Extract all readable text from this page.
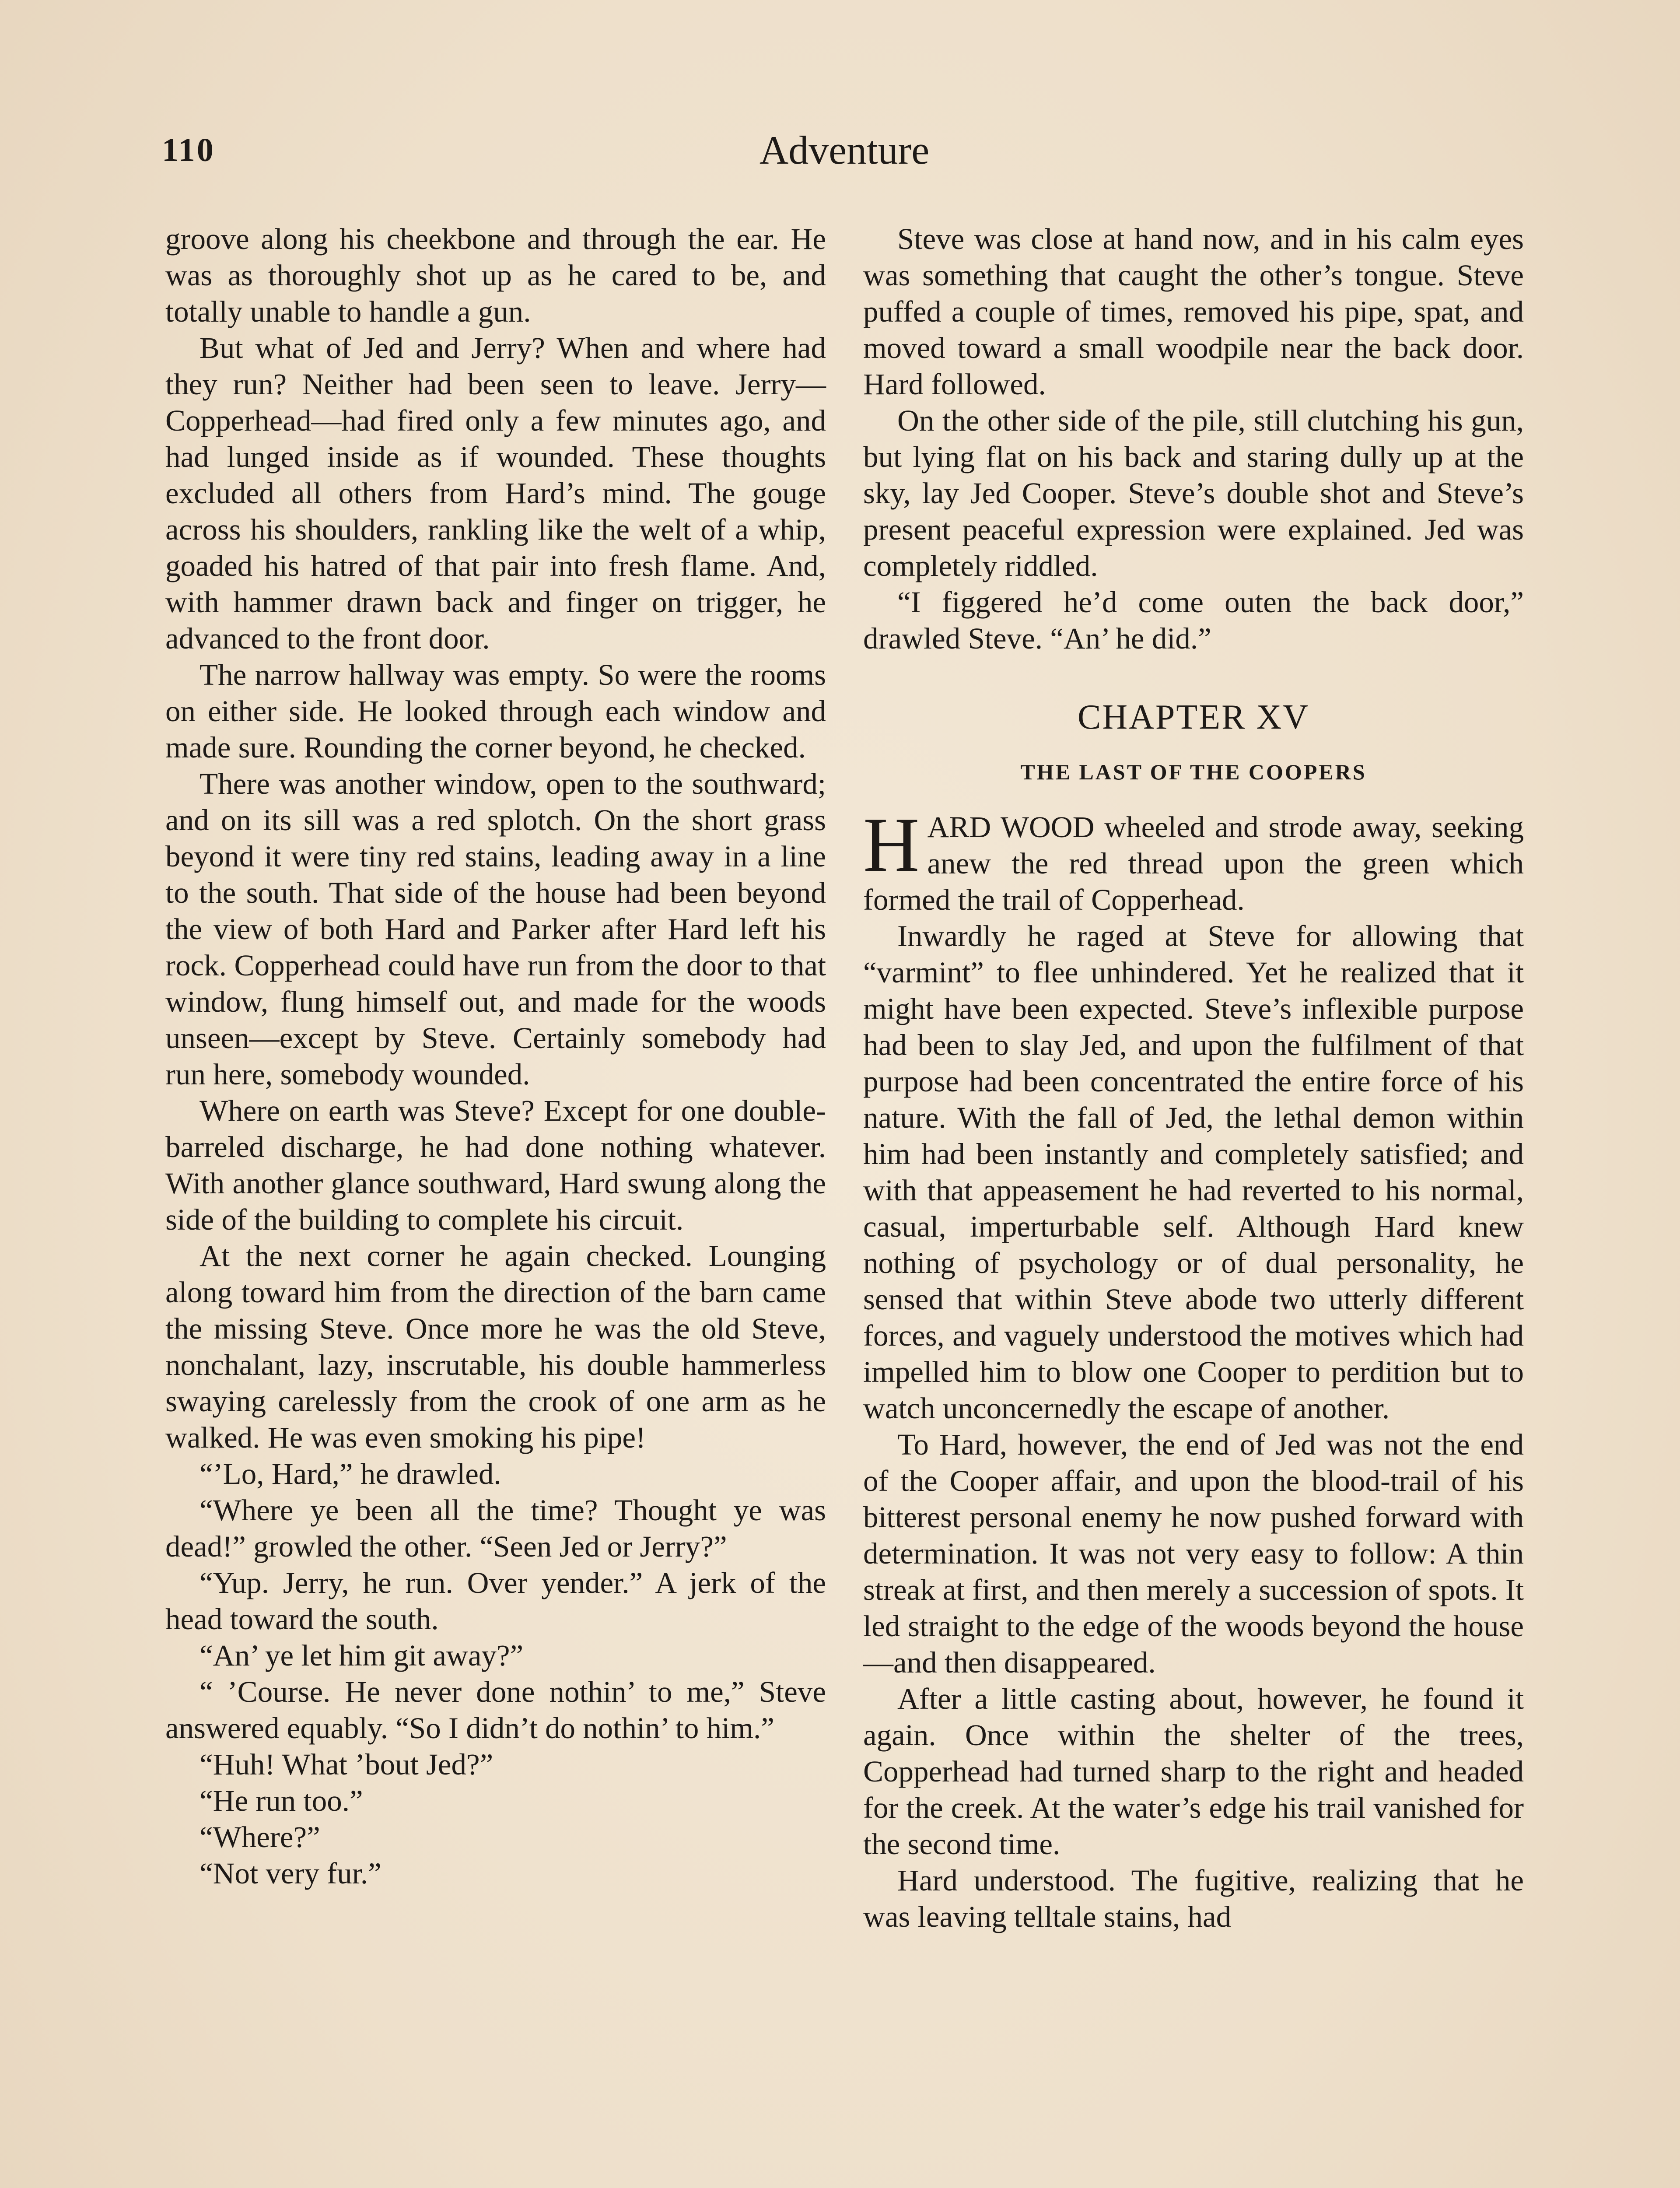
110	Adventure

groove along his cheekbone and through the ear. He was as thoroughly shot up as he cared to be, and totally unable to handle a gun.

But what of Jed and Jerry? When and where had they run? Neither had been seen to leave. Jerry—Copperhead—had fired only a few minutes ago, and had lunged inside as if wounded. These thoughts excluded all others from Hard’s mind. The gouge across his shoulders, rankling like the welt of a whip, goaded his hatred of that pair into fresh flame. And, with hammer drawn back and finger on trigger, he advanced to the front door.

The narrow hallway was empty. So were the rooms on either side. He looked through each window and made sure. Rounding the corner beyond, he checked.

There was another window, open to the southward; and on its sill was a red splotch. On the short grass beyond it were tiny red stains, leading away in a line to the south. That side of the house had been beyond the view of both Hard and Parker after Hard left his rock. Copperhead could have run from the door to that window, flung himself out, and made for the woods unseen—except by Steve. Certainly somebody had run here, somebody wounded.

Where on earth was Steve? Except for one double-barreled discharge, he had done nothing whatever. With another glance southward, Hard swung along the side of the building to complete his circuit.

At the next corner he again checked. Lounging along toward him from the direction of the barn came the missing Steve. Once more he was the old Steve, nonchalant, lazy, inscrutable, his double hammerless swaying carelessly from the crook of one arm as he walked. He was even smoking his pipe!

“’Lo, Hard,” he drawled.

“Where ye been all the time? Thought ye was dead!” growled the other. “Seen Jed or Jerry?”

“Yup. Jerry, he run. Over yender.” A jerk of the head toward the south.

“An’ ye let him git away?”

“ ’Course. He never done nothin’ to me,” Steve answered equably. “So I didn’t do nothin’ to him.”

“Huh! What ’bout Jed?”

“He run too.”

“Where?”

“Not very fur.”

Steve was close at hand now, and in his calm eyes was something that caught the other’s tongue. Steve puffed a couple of times, removed his pipe, spat, and moved toward a small woodpile near the back door. Hard followed.

On the other side of the pile, still clutching his gun, but lying flat on his back and staring dully up at the sky, lay Jed Cooper. Steve’s double shot and Steve’s present peaceful expression were explained. Jed was completely riddled.

“I figgered he’d come outen the back door,” drawled Steve. “An’ he did.”

CHAPTER XV
THE LAST OF THE COOPERS

HARD WOOD wheeled and strode away, seeking anew the red thread upon the green which formed the trail of Copperhead.

Inwardly he raged at Steve for allowing that “varmint” to flee unhindered. Yet he realized that it might have been expected. Steve’s inflexible purpose had been to slay Jed, and upon the fulfilment of that purpose had been concentrated the entire force of his nature. With the fall of Jed, the lethal demon within him had been instantly and completely satisfied; and with that appeasement he had reverted to his normal, casual, imperturbable self. Although Hard knew nothing of psychology or of dual personality, he sensed that within Steve abode two utterly different forces, and vaguely understood the motives which had impelled him to blow one Cooper to perdition but to watch unconcernedly the escape of another.

To Hard, however, the end of Jed was not the end of the Cooper affair, and upon the blood-trail of his bitterest personal enemy he now pushed forward with determination. It was not very easy to follow: A thin streak at first, and then merely a succession of spots. It led straight to the edge of the woods beyond the house—and then disappeared.

After a little casting about, however, he found it again. Once within the shelter of the trees, Copperhead had turned sharp to the right and headed for the creek. At the water’s edge his trail vanished for the second time.

Hard understood. The fugitive, realizing that he was leaving telltale stains, had
